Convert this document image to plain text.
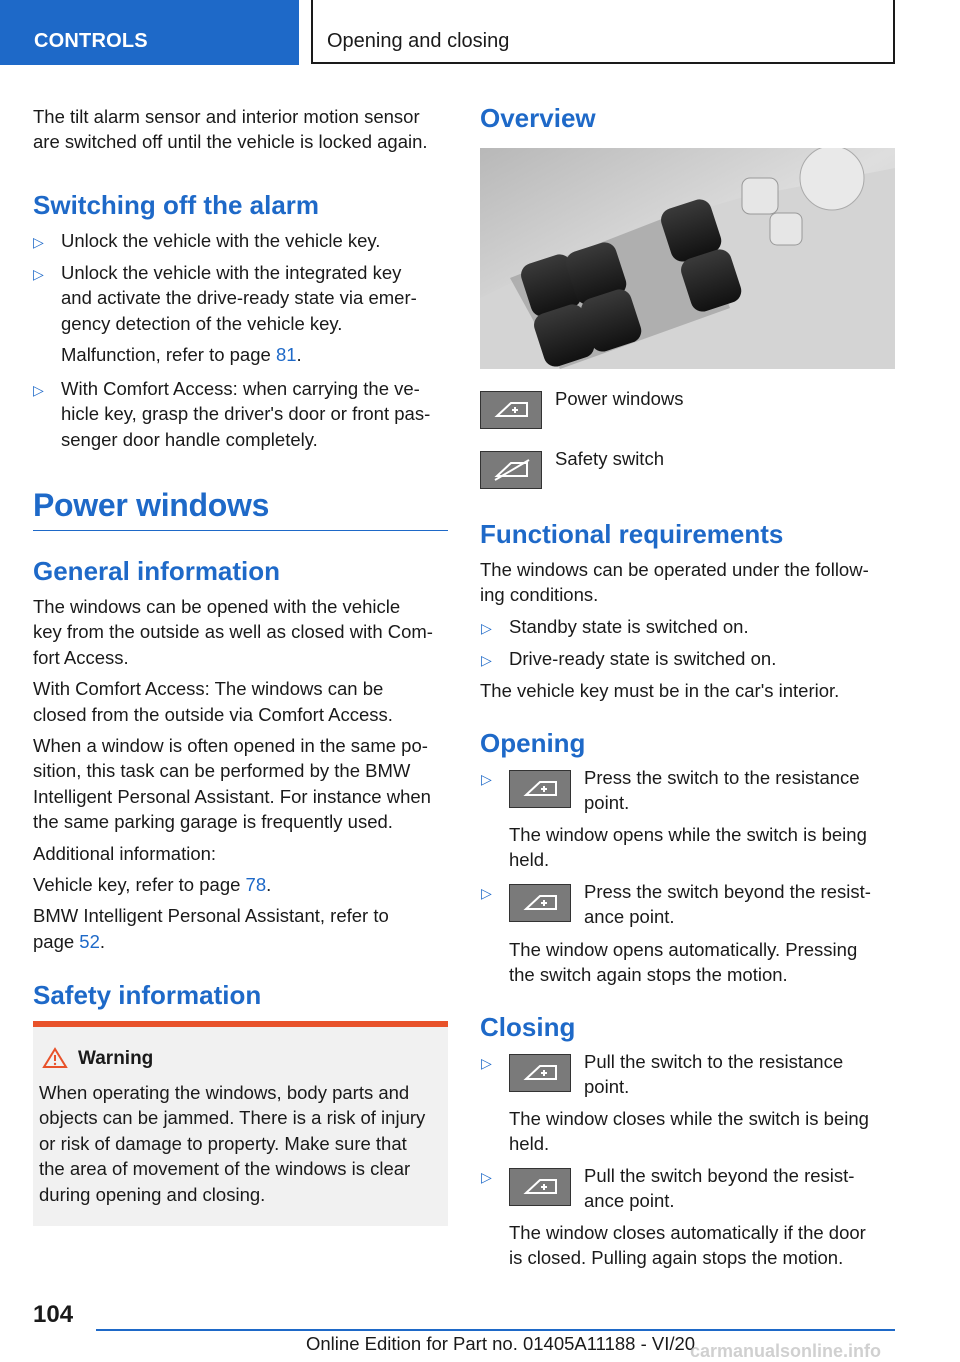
CONTROLS	Opening and closing
The tilt alarm sensor and interior motion sensor
are switched off until the vehicle is locked again.
Switching off the alarm
▷ Unlock the vehicle with the vehicle key.
▷ Unlock the vehicle with the integrated key
and activate the drive-ready state via emer-
gency detection of the vehicle key.
Malfunction, refer to page 81.
▷ With Comfort Access: when carrying the ve-
hicle key, grasp the driver's door or front pas-
senger door handle completely.
Power windows
General information
The windows can be opened with the vehicle
key from the outside as well as closed with Com-
fort Access.
With Comfort Access: The windows can be
closed from the outside via Comfort Access.
When a window is often opened in the same po-
sition, this task can be performed by the BMW
Intelligent Personal Assistant. For instance when
the same parking garage is frequently used.
Additional information:
Vehicle key, refer to page 78.
BMW Intelligent Personal Assistant, refer to
page 52.
Safety information
Warning
When operating the windows, body parts and
objects can be jammed. There is a risk of injury
or risk of damage to property. Make sure that
the area of movement of the windows is clear
during opening and closing.
Overview
Power windows
Safety switch
Functional requirements
The windows can be operated under the follow-
ing conditions.
▷ Standby state is switched on.
▷ Drive-ready state is switched on.
The vehicle key must be in the car's interior.
Opening
▷	Press the switch to the resistance
point.
The window opens while the switch is being
held.
▷	Press the switch beyond the resist-
ance point.
The window opens automatically. Pressing
the switch again stops the motion.
Closing
▷	Pull the switch to the resistance
point.
The window closes while the switch is being
held.
▷	Pull the switch beyond the resist-
ance point.
The window closes automatically if the door
is closed. Pulling again stops the motion.
104
Online Edition for Part no. 01405A11188 - VI/20
carmanualsonline.info
